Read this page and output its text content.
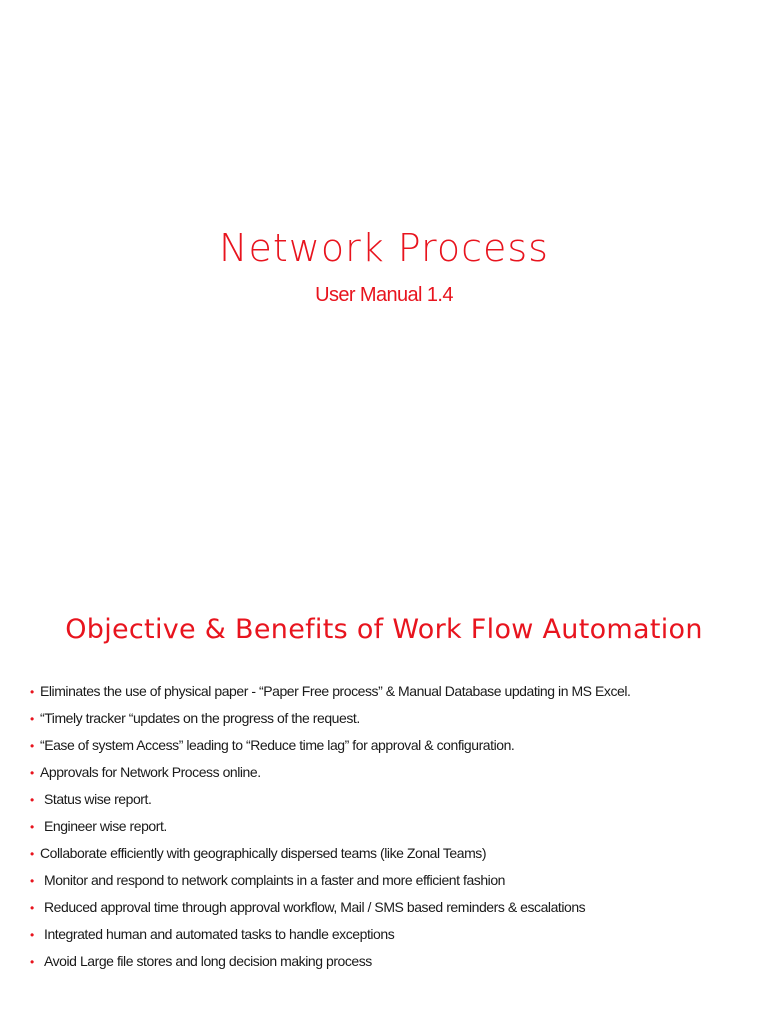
Network Process
User Manual 1.4
Objective & Benefits of Work Flow Automation
• Eliminates the use of physical paper - “Paper Free process” & Manual Database updating in MS Excel.
• “Timely tracker “updates on the progress of the request.
• “Ease of system Access” leading to “Reduce time lag” for approval & configuration.
• Approvals for Network Process online.
• Status wise report.
• Engineer wise report.
• Collaborate efficiently with geographically dispersed teams (like Zonal Teams)
• Monitor and respond to network complaints in a faster and more efficient fashion
• Reduced approval time through approval workflow, Mail / SMS based reminders & escalations
• Integrated human and automated tasks to handle exceptions
• Avoid Large file stores and long decision making process
